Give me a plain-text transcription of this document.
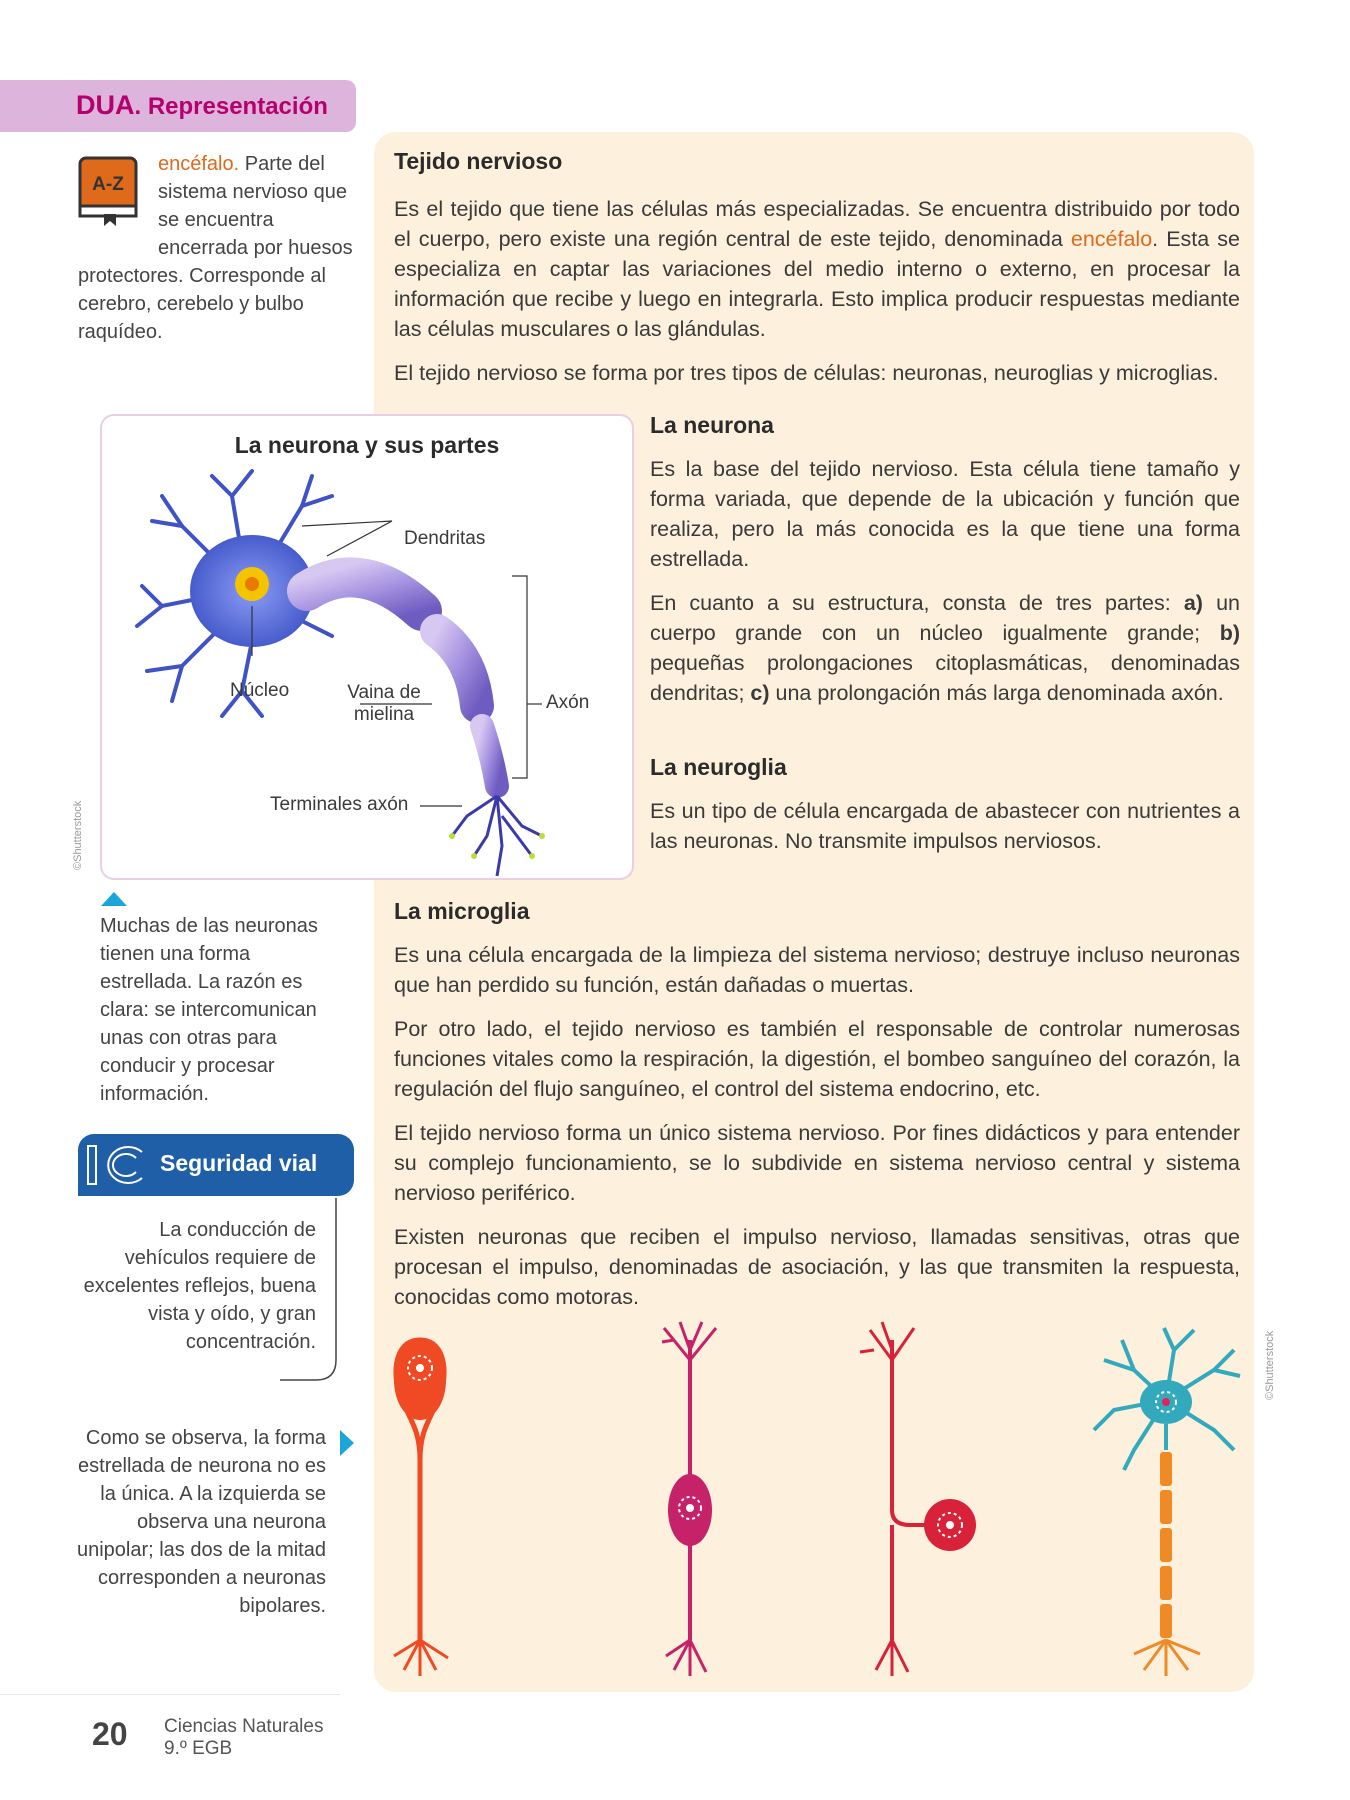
DUA. Representación
A-Z
encéfalo. Parte del sistema nervioso que se encuentra encerrada por huesos protectores. Corresponde al cerebro, cerebelo y bulbo raquídeo.
Tejido nervioso

Es el tejido que tiene las células más especializadas. Se encuentra distribuido por todo el cuerpo, pero existe una región central de este tejido, denominada encéfalo. Esta se especializa en captar las variaciones del medio interno o externo, en procesar la información que recibe y luego en integrarla. Esto implica producir respuestas mediante las células musculares o las glándulas.

El tejido nervioso se forma por tres tipos de células: neuronas, neuroglias y microglias.

La neurona y sus partes
Dendritas
Núcleo	Vaina de mielina
Axón
Terminales axón
©Shutterstock
Muchas de las neuronas tienen una forma estrellada. La razón es clara: se intercomunican unas con otras para conducir y procesar información.
La neurona

Es la base del tejido nervioso. Esta célula tiene tamaño y forma variada, que depende de la ubicación y función que realiza, pero la más conocida es la que tiene una forma estrellada.

En cuanto a su estructura, consta de tres partes: a) un cuerpo grande con un núcleo igualmente grande; b) pequeñas prolongaciones citoplasmáticas, denominadas dendritas; c) una prolongación más larga denominada axón.

La neuroglia

Es un tipo de célula encargada de abastecer con nutrientes a las neuronas. No transmite impulsos nerviosos.

La microglia

Es una célula encargada de la limpieza del sistema nervioso; destruye incluso neuronas que han perdido su función, están dañadas o muertas.

Por otro lado, el tejido nervioso es también el responsable de controlar numerosas funciones vitales como la respiración, la digestión, el bombeo sanguíneo del corazón, la regulación del flujo sanguíneo, el control del sistema endocrino, etc.

El tejido nervioso forma un único sistema nervioso. Por fines didácticos y para entender su complejo funcionamiento, se lo subdivide en sistema nervioso central y sistema nervioso periférico.

Existen neuronas que reciben el impulso nervioso, llamadas sensitivas, otras que procesan el impulso, denominadas de asociación, y las que transmiten la respuesta, conocidas como motoras.

Seguridad vial
La conducción de vehículos requiere de excelentes reflejos, buena vista y oído, y gran concentración.
Como se observa, la forma estrellada de neurona no es la única. A la izquierda se observa una neurona unipolar; las dos de la mitad corresponden a neuronas bipolares.
©Shutterstock
20 Ciencias Naturales
9.º EGB
